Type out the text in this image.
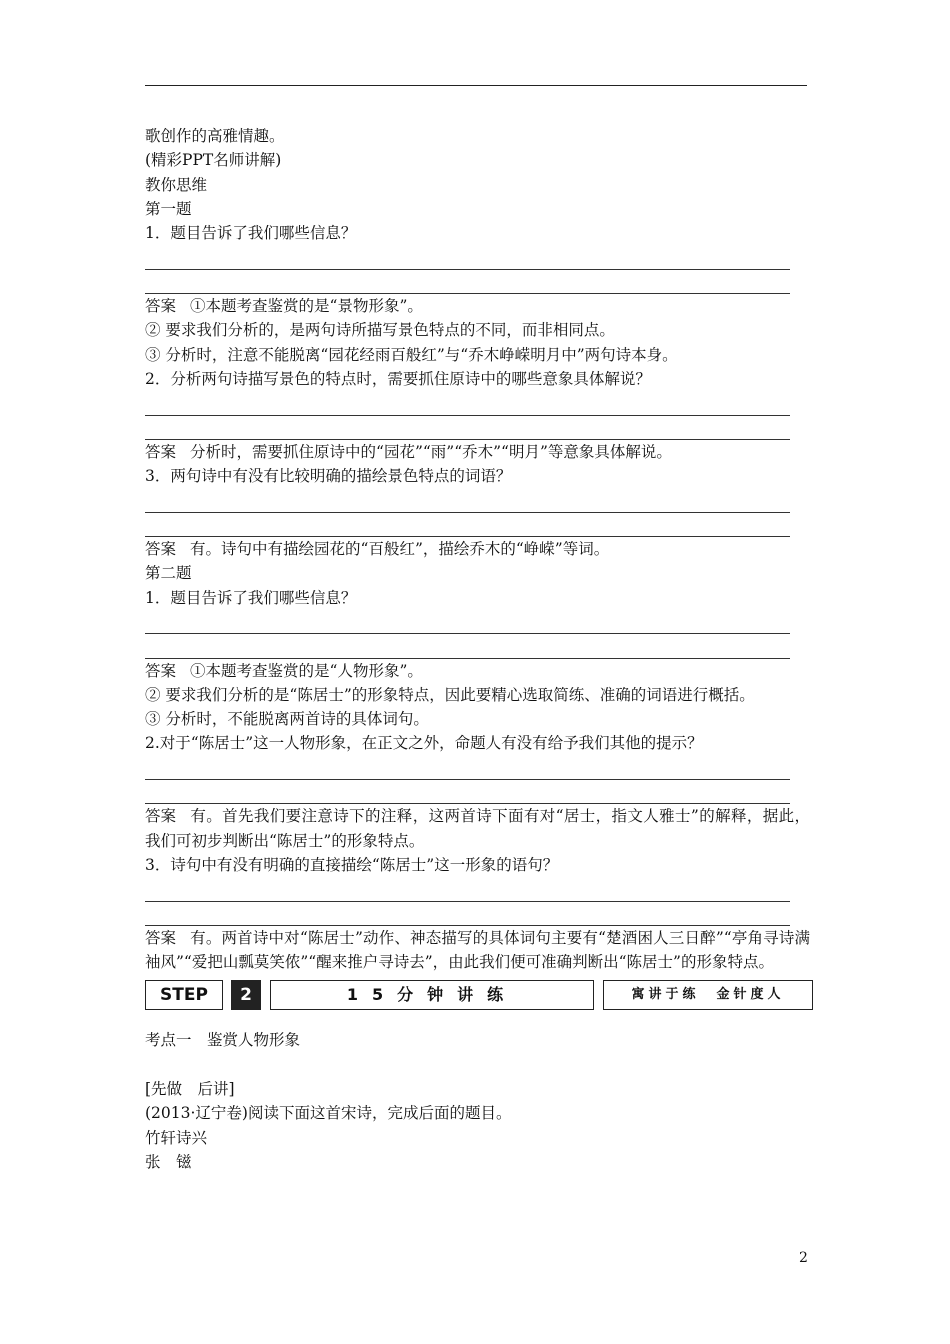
歌创作的高雅情趣。
(精彩PPT名师讲解)
教你思维
第一题
1．题目告诉了我们哪些信息？
答案 ①本题考查鉴赏的是“景物形象”。
② 要求我们分析的，是两句诗所描写景色特点的不同，而非相同点。
③ 分析时，注意不能脱离“园花经雨百般红”与“乔木峥嵘明月中”两句诗本身。
2．分析两句诗描写景色的特点时，需要抓住原诗中的哪些意象具体解说？
答案 分析时，需要抓住原诗中的“园花”“雨”“乔木”“明月”等意象具体解说。
3．两句诗中有没有比较明确的描绘景色特点的词语？
答案 有。诗句中有描绘园花的“百般红”，描绘乔木的“峥嵘”等词。
第二题
1．题目告诉了我们哪些信息？
答案 ①本题考查鉴赏的是“人物形象”。
② 要求我们分析的是“陈居士”的形象特点，因此要精心选取简练、准确的词语进行概括。
③ 分析时，不能脱离两首诗的具体词句。
2.对于“陈居士”这一人物形象，在正文之外，命题人有没有给予我们其他的提示？
答案 有。首先我们要注意诗下的注释，这两首诗下面有对“居士，指文人雅士”的解释，据此，我们可初步判断出“陈居士”的形象特点。
3．诗句中有没有明确的直接描绘“陈居士”这一形象的语句？
答案 有。两首诗中对“陈居士”动作、神态描写的具体词句主要有“楚酒困人三日醉”“亭角寻诗满袖风”“爱把山瓢莫笑侬”“醒来推户寻诗去”，由此我们便可准确判断出“陈居士”的形象特点。
STEP	2	15分钟讲练	寓讲于练　金针度人
考点一　鉴赏人物形象
[先做　后讲]
(2013·辽宁卷)阅读下面这首宋诗，完成后面的题目。
竹轩诗兴
张　镃
2
